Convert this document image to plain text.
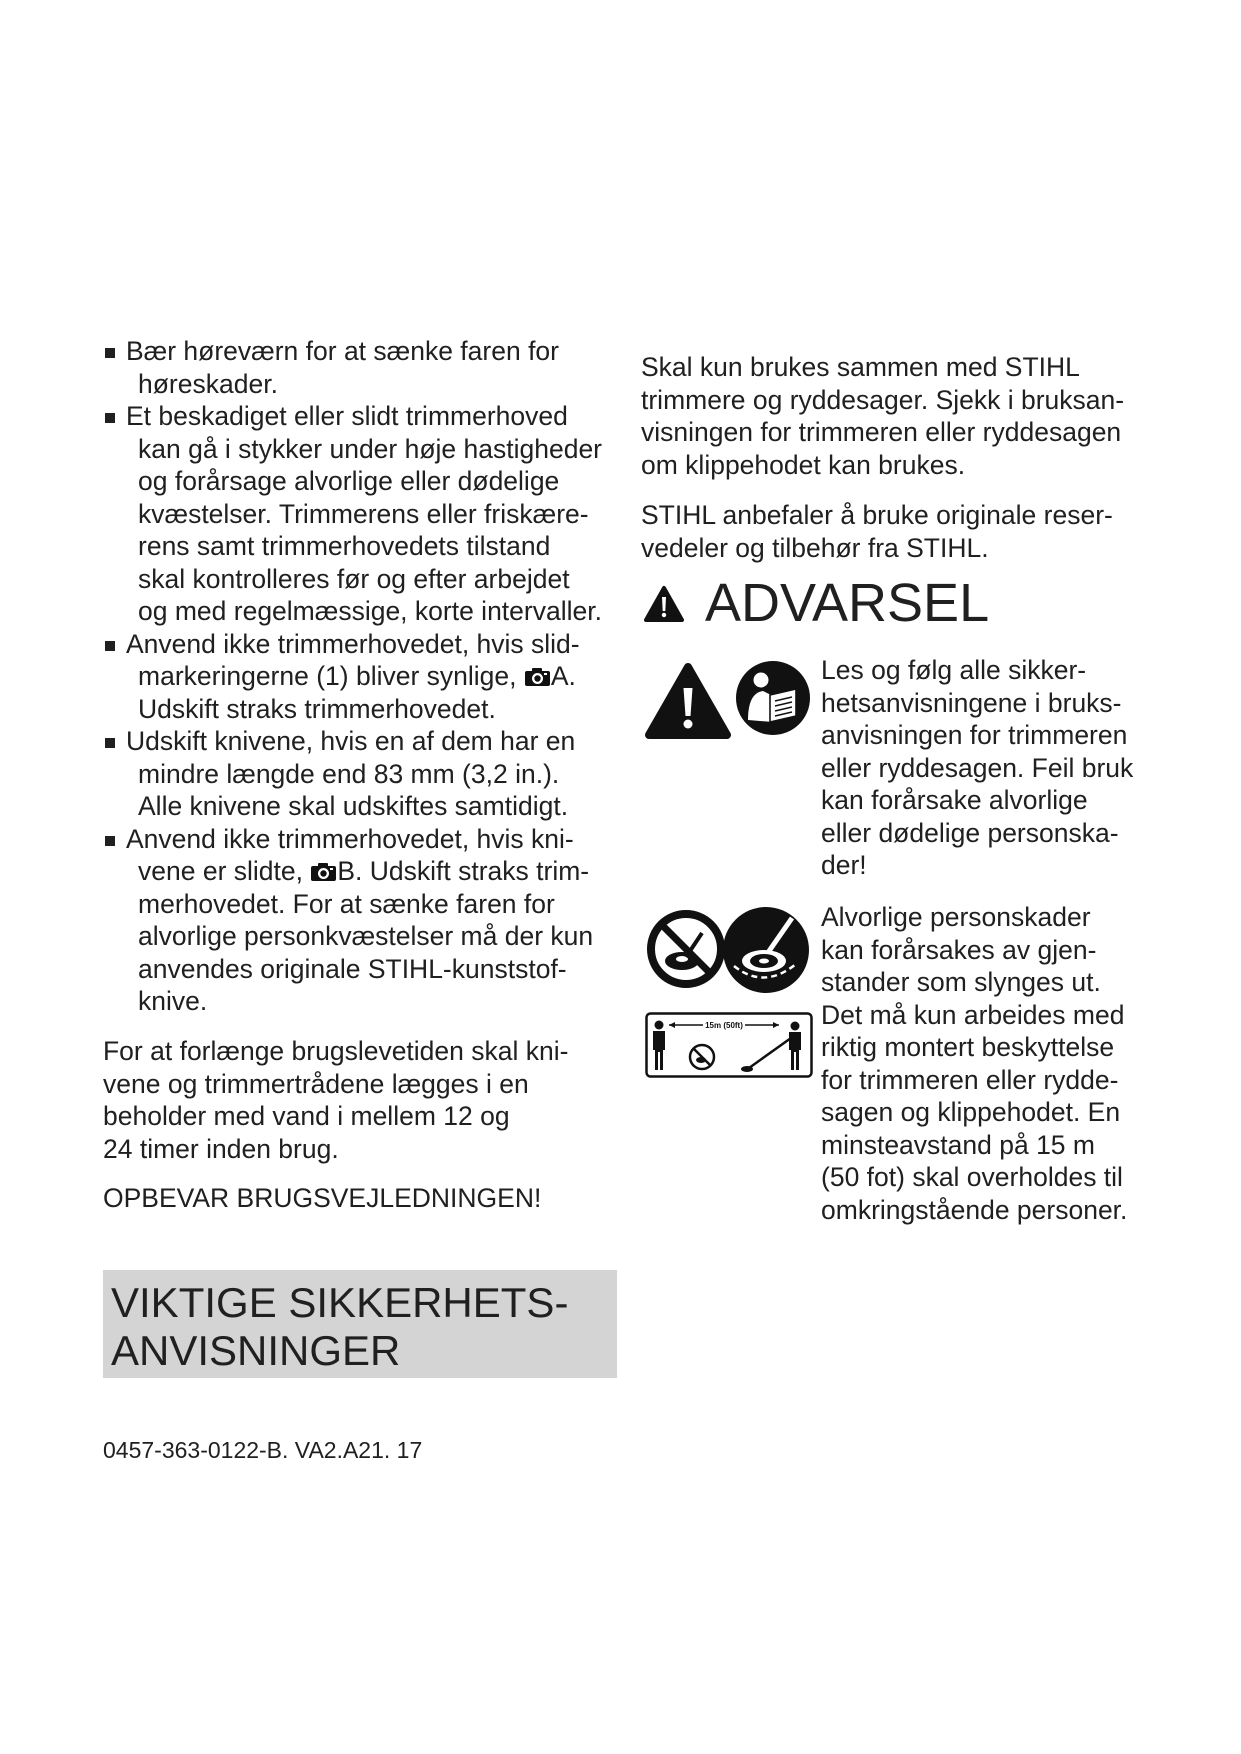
Bær høreværn for at sænke faren for
høreskader.
Et beskadiget eller slidt trimmerhoved
kan gå i stykker under høje hastigheder
og forårsage alvorlige eller dødelige
kvæstelser. Trimmerens eller friskære-
rens samt trimmerhovedets tilstand
skal kontrolleres før og efter arbejdet
og med regelmæssige, korte intervaller.
Anvend ikke trimmerhovedet, hvis slid-
markeringerne (1) bliver synlige,
A.
Udskift straks trimmerhovedet.
Udskift knivene, hvis en af dem har en
mindre længde end 83 mm (3,2 in.).
Alle knivene skal udskiftes samtidigt.
Anvend ikke trimmerhovedet, hvis kni-
vene er slidte,
B. Udskift straks trim-
merhovedet. For at sænke faren for
alvorlige personkvæstelser må der kun
anvendes originale STIHL-kunststof-
knive.
For at forlænge brugslevetiden skal kni-
vene og trimmertrådene lægges i en
beholder med vand i mellem 12 og
24 timer inden brug.
OPBEVAR BRUGSVEJLEDNINGEN!
VIKTIGE SIKKERHETS-
ANVISNINGER
0457-363-0122-B. VA2.A21. 17
Skal kun brukes sammen med STIHL
trimmere og ryddesager. Sjekk i bruksan-
visningen for trimmeren eller ryddesagen
om klippehodet kan brukes.
STIHL anbefaler å bruke originale reser-
vedeler og tilbehør fra STIHL.
ADVARSEL
Les og følg alle sikker-
hetsanvisningene i bruks-
anvisningen for trimmeren
eller ryddesagen. Feil bruk
kan forårsake alvorlige
eller dødelige personska-
der!
15m (50ft)
Alvorlige personskader
kan forårsakes av gjen-
stander som slynges ut.
Det må kun arbeides med
riktig montert beskyttelse
for trimmeren eller rydde-
sagen og klippehodet. En
minsteavstand på 15 m
(50 fot) skal overholdes til
omkringstående personer.
